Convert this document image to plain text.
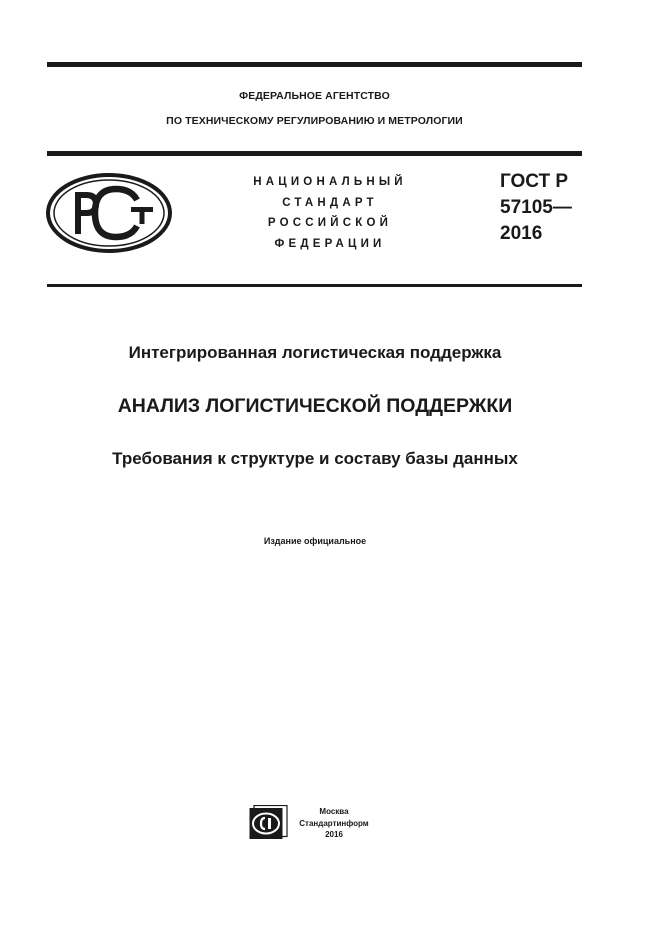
ФЕДЕРАЛЬНОЕ АГЕНТСТВО
ПО ТЕХНИЧЕСКОМУ РЕГУЛИРОВАНИЮ И МЕТРОЛОГИИ
НАЦИОНАЛЬНЫЙ
СТАНДАРТ
РОССИЙСКОЙ
ФЕДЕРАЦИИ
ГОСТ Р
57105—
2016
Интегрированная логистическая поддержка
АНАЛИЗ ЛОГИСТИЧЕСКОЙ ПОДДЕРЖКИ
Требования к структуре и составу базы данных
Издание официальное
Москва
Стандартинформ
2016
